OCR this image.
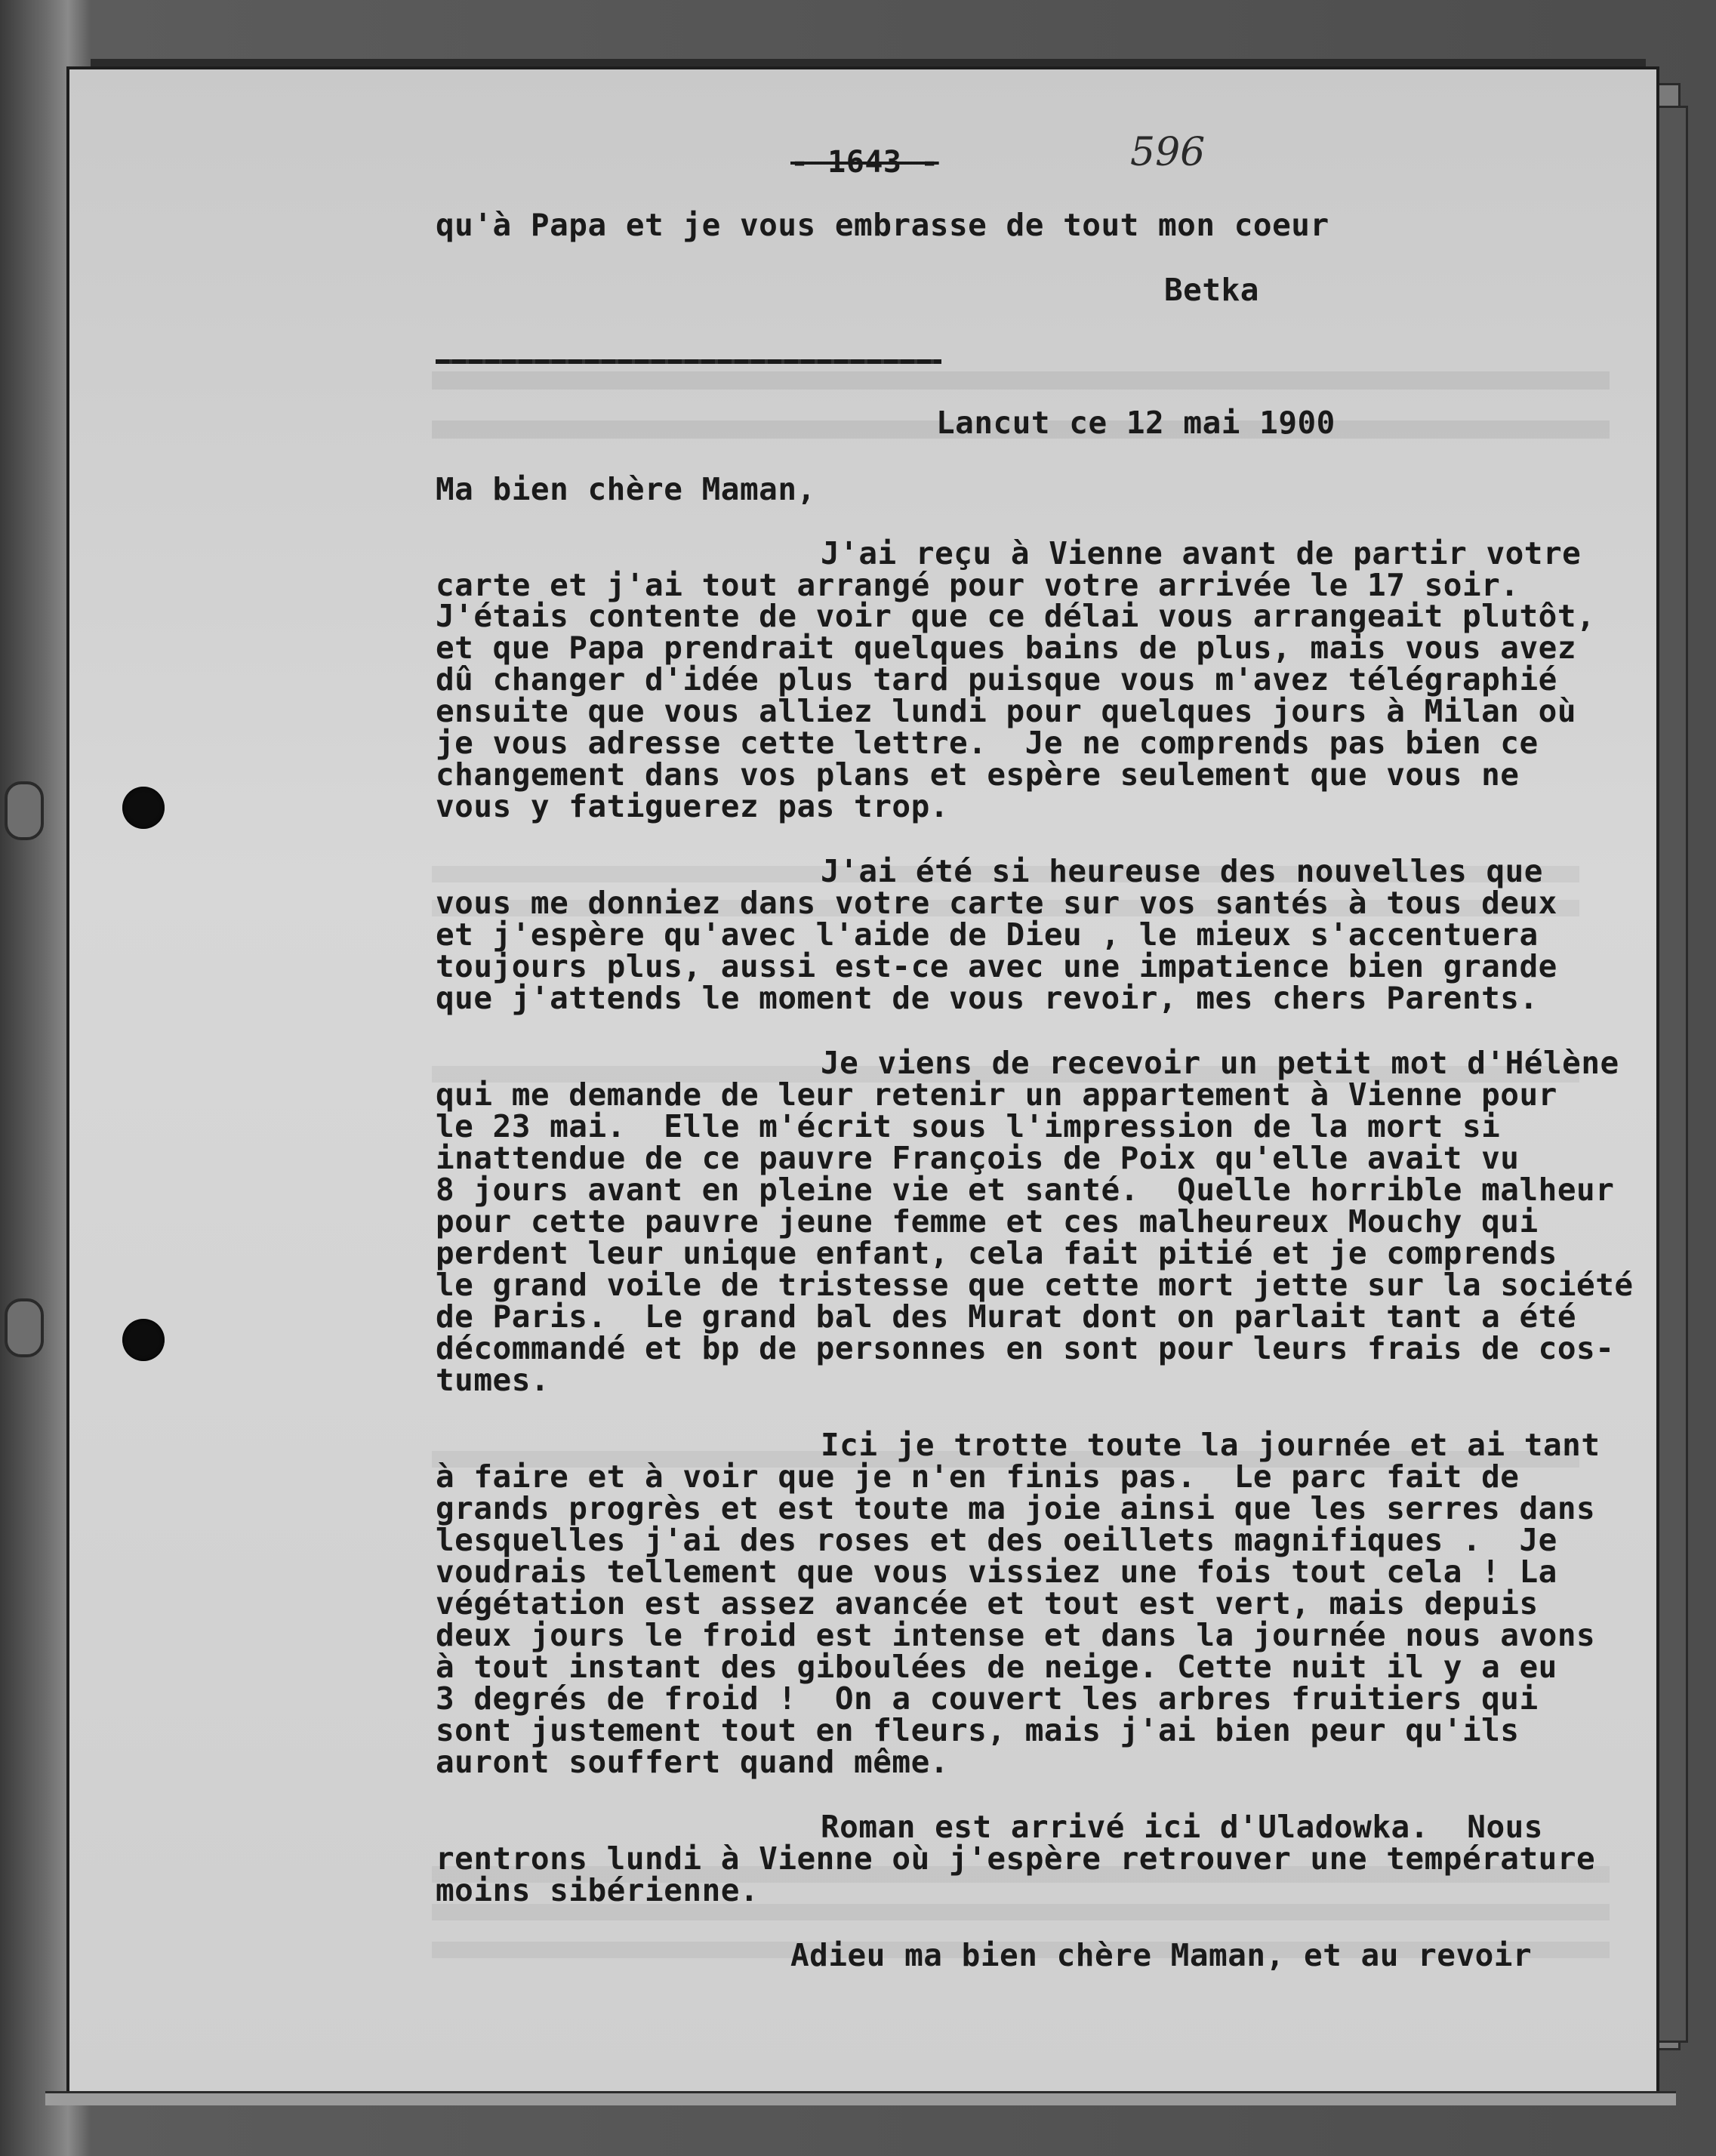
- 1643 -	596
qu'à Papa et je vous embrasse de tout mon coeur
Betka
Lancut ce 12 mai 1900
Ma bien chère Maman,
J'ai reçu à Vienne avant de partir votre
carte et j'ai tout arrangé pour votre arrivée le 17 soir.
J'étais contente de voir que ce délai vous arrangeait plutôt,
et que Papa prendrait quelques bains de plus, mais vous avez
dû changer d'idée plus tard puisque vous m'avez télégraphié
ensuite que vous alliez lundi pour quelques jours à Milan où
je vous adresse cette lettre.  Je ne comprends pas bien ce
changement dans vos plans et espère seulement que vous ne
vous y fatiguerez pas trop.
J'ai été si heureuse des nouvelles que
vous me donniez dans votre carte sur vos santés à tous deux
et j'espère qu'avec l'aide de Dieu , le mieux s'accentuera
toujours plus, aussi est-ce avec une impatience bien grande
que j'attends le moment de vous revoir, mes chers Parents.
Je viens de recevoir un petit mot d'Hélène
qui me demande de leur retenir un appartement à Vienne pour
le 23 mai.  Elle m'écrit sous l'impression de la mort si
inattendue de ce pauvre François de Poix qu'elle avait vu
8 jours avant en pleine vie et santé.  Quelle horrible malheur
pour cette pauvre jeune femme et ces malheureux Mouchy qui
perdent leur unique enfant, cela fait pitié et je comprends
le grand voile de tristesse que cette mort jette sur la société
de Paris.  Le grand bal des Murat dont on parlait tant a été
décommandé et bp de personnes en sont pour leurs frais de cos-
tumes.
Ici je trotte toute la journée et ai tant
à faire et à voir que je n'en finis pas.  Le parc fait de
grands progrès et est toute ma joie ainsi que les serres dans
lesquelles j'ai des roses et des oeillets magnifiques .  Je
voudrais tellement que vous vissiez une fois tout cela ! La
végétation est assez avancée et tout est vert, mais depuis
deux jours le froid est intense et dans la journée nous avons
à tout instant des giboulées de neige. Cette nuit il y a eu
3 degrés de froid !  On a couvert les arbres fruitiers qui
sont justement tout en fleurs, mais j'ai bien peur qu'ils
auront souffert quand même.
Roman est arrivé ici d'Uladowka.  Nous
rentrons lundi à Vienne où j'espère retrouver une température
moins sibérienne.
Adieu ma bien chère Maman, et au revoir
